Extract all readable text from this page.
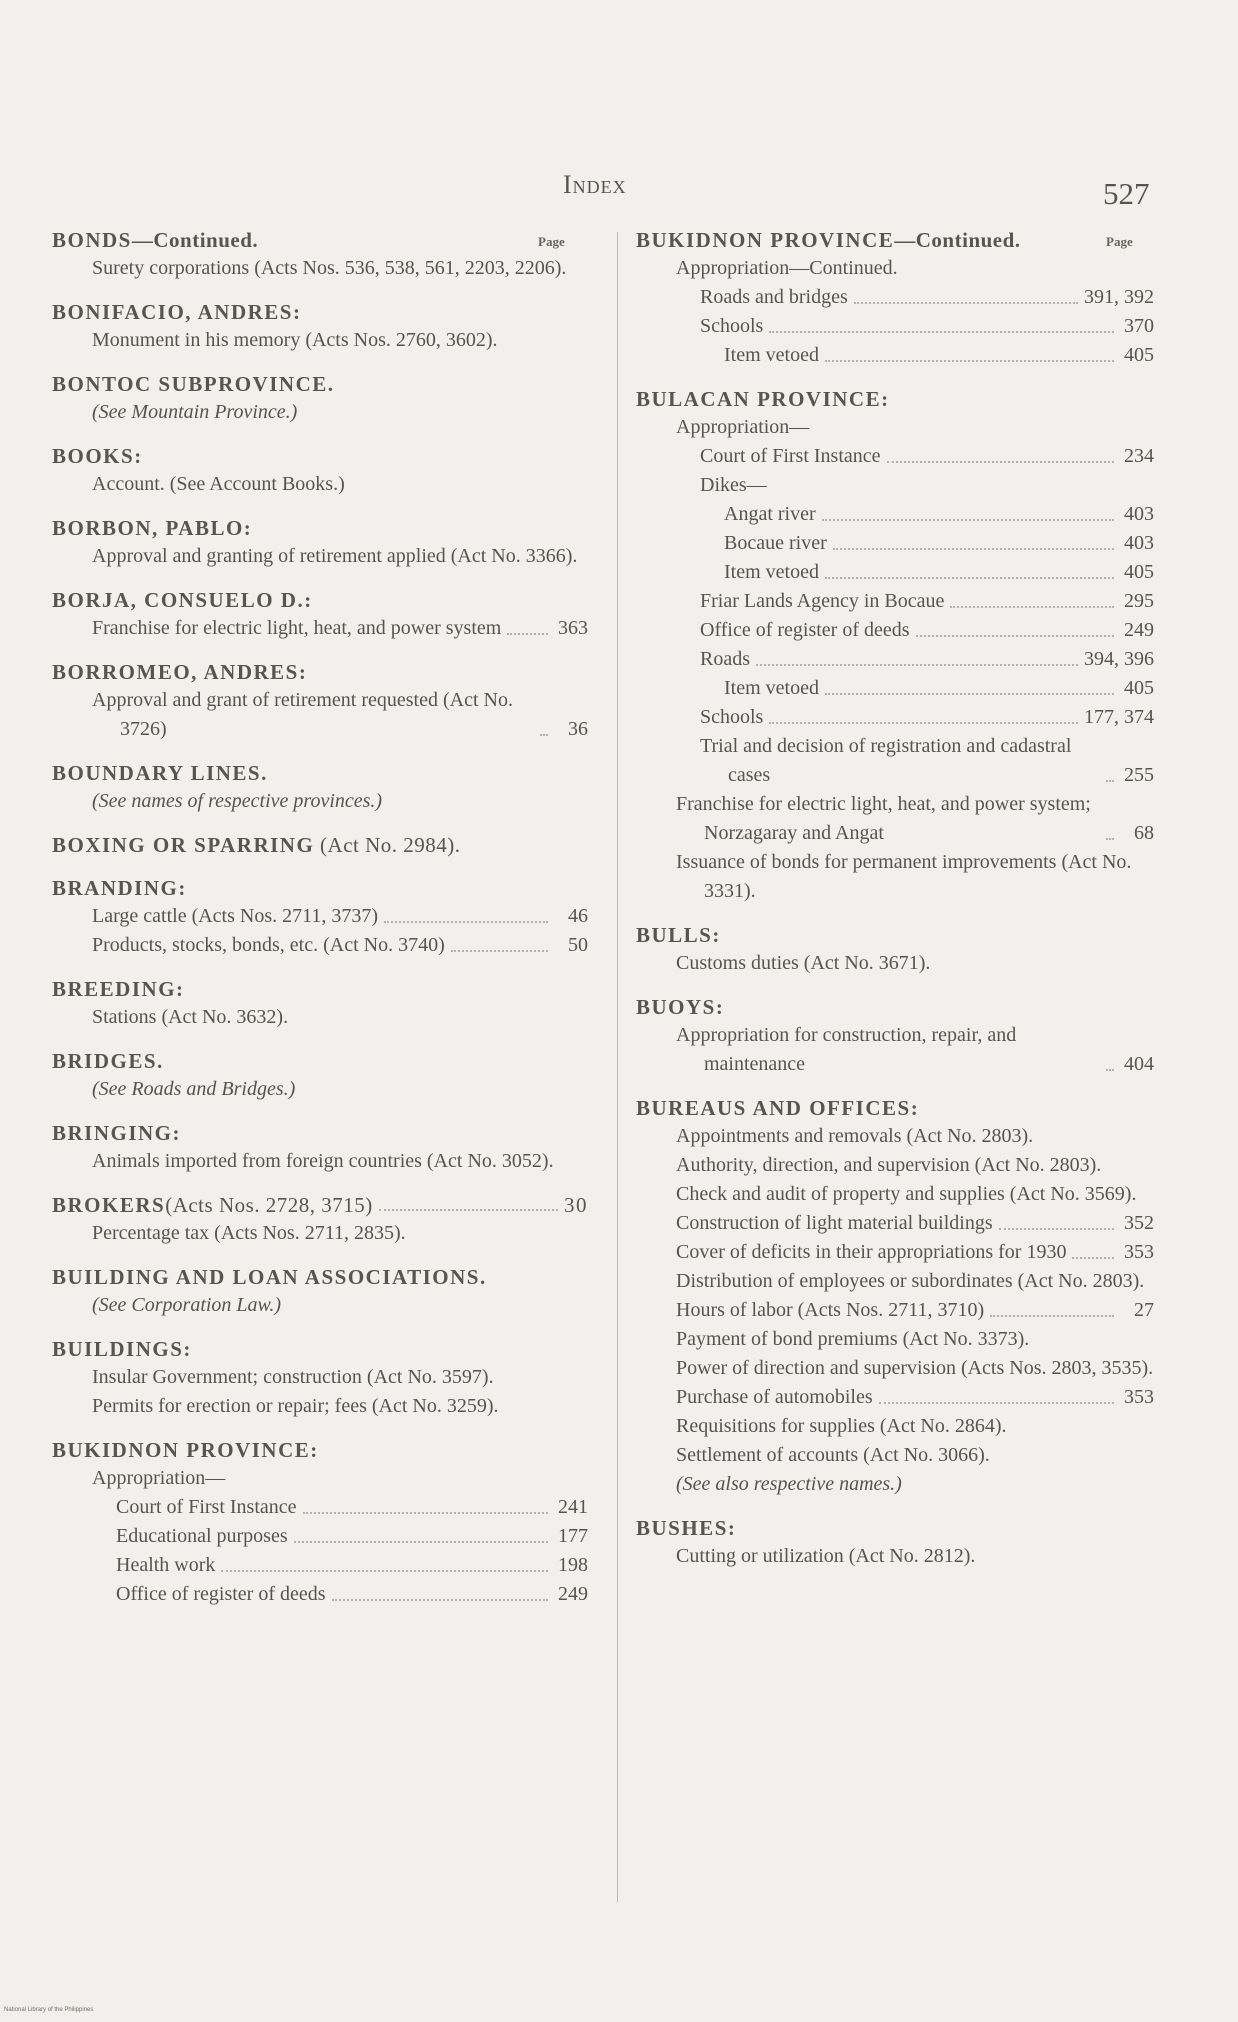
Index	527
Page
BONDS—Continued.
Surety corporations (Acts Nos. 536, 538, 561, 2203, 2206).
BONIFACIO, ANDRES:
Monument in his memory (Acts Nos. 2760, 3602).
BONTOC SUBPROVINCE.
(See Mountain Province.)
BOOKS:
Account. (See Account Books.)
BORBON, PABLO:
Approval and granting of retirement applied (Act No. 3366).
BORJA, CONSUELO D.:
Franchise for electric light, heat, and power system	363
BORROMEO, ANDRES:
Approval and grant of retirement requested (Act No. 3726)	36
BOUNDARY LINES.
(See names of respective provinces.)
BOXING OR SPARRING (Act No. 2984).
BRANDING:
Large cattle (Acts Nos. 2711, 3737)	46
Products, stocks, bonds, etc. (Act No. 3740)	50
BREEDING:
Stations (Act No. 3632).
BRIDGES.
(See Roads and Bridges.)
BRINGING:
Animals imported from foreign countries (Act No. 3052).
BROKERS (Acts Nos. 2728, 3715)	30
Percentage tax (Acts Nos. 2711, 2835).
BUILDING AND LOAN ASSOCIATIONS.
(See Corporation Law.)
BUILDINGS:
Insular Government; construction (Act No. 3597).
Permits for erection or repair; fees (Act No. 3259).
BUKIDNON PROVINCE:
Appropriation—
Court of First Instance	241
Educational purposes	177
Health work	198
Office of register of deeds	249
Page
BUKIDNON PROVINCE—Continued.
Appropriation—Continued.
Roads and bridges	391, 392
Schools	370
Item vetoed	405
BULACAN PROVINCE:
Appropriation—
Court of First Instance	234
Dikes—
Angat river	403
Bocaue river	403
Item vetoed	405
Friar Lands Agency in Bocaue	295
Office of register of deeds	249
Roads	394, 396
Item vetoed	405
Schools	177, 374
Trial and decision of registration and cadastral cases	255
Franchise for electric light, heat, and power system; Norzagaray and Angat	68
Issuance of bonds for permanent improvements (Act No. 3331).
BULLS:
Customs duties (Act No. 3671).
BUOYS:
Appropriation for construction, repair, and maintenance	404
BUREAUS AND OFFICES:
Appointments and removals (Act No. 2803).
Authority, direction, and supervision (Act No. 2803).
Check and audit of property and supplies (Act No. 3569).
Construction of light material buildings	352
Cover of deficits in their appropriations for 1930	353
Distribution of employees or subordinates (Act No. 2803).
Hours of labor (Acts Nos. 2711, 3710)	27
Payment of bond premiums (Act No. 3373).
Power of direction and supervision (Acts Nos. 2803, 3535).
Purchase of automobiles	353
Requisitions for supplies (Act No. 2864).
Settlement of accounts (Act No. 3066).
(See also respective names.)
BUSHES:
Cutting or utilization (Act No. 2812).
National Library of the Philippines
